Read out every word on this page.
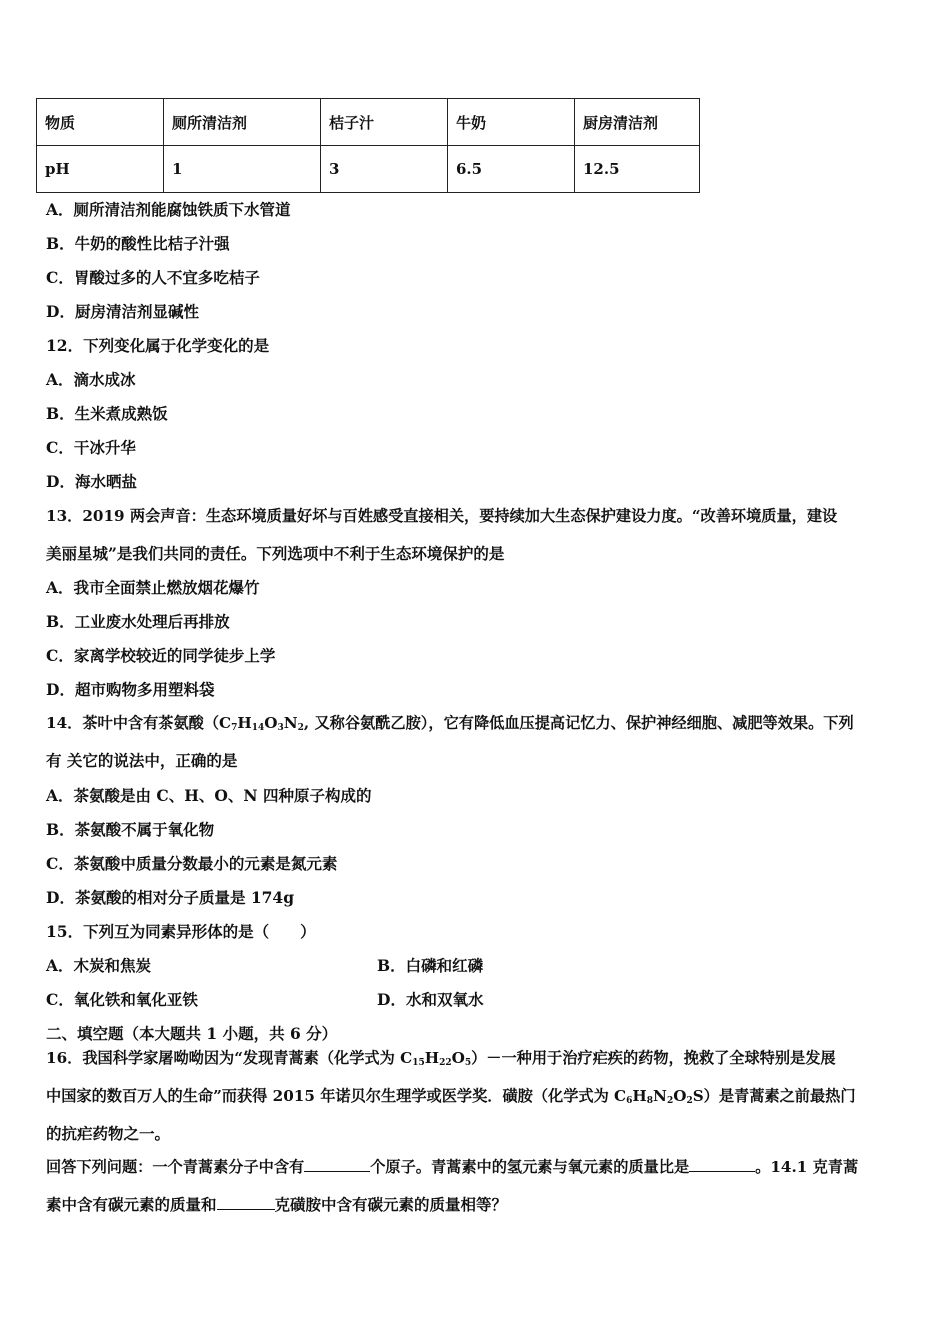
物质	厕所清洁剂	桔子汁	牛奶	厨房清洁剂
pH	1	3	6.5	12.5
A．厕所清洁剂能腐蚀铁质下水管道
B．牛奶的酸性比桔子汁强
C．胃酸过多的人不宜多吃桔子
D．厨房清洁剂显碱性
12．下列变化属于化学变化的是
A．滴水成冰
B．生米煮成熟饭
C．干冰升华
D．海水晒盐
13．2019 两会声音：生态环境质量好坏与百姓感受直接相关，要持续加大生态保护建设力度。“改善环境质量，建设
美丽星城”是我们共同的责任。下列选项中不利于生态环境保护的是
A．我市全面禁止燃放烟花爆竹
B．工业废水处理后再排放
C．家离学校较近的同学徒步上学
D．超市购物多用塑料袋
14．茶叶中含有茶氨酸（$C_7H_{14}O_3N_2$, 又称谷氨酰乙胺），它有降低血压提高记忆力、保护神经细胞、减肥等效果。下列
有 关它的说法中，正确的是
A．茶氨酸是由 C、H、O、N 四种原子构成的
B．茶氨酸不属于氧化物
C．茶氨酸中质量分数最小的元素是氮元素
D．茶氨酸的相对分子质量是 174g
15．下列互为同素异形体的是（　　）
A．木炭和焦炭	B．白磷和红磷
C．氧化铁和氧化亚铁	D．水和双氧水
二、填空题（本大题共 1 小题，共 6 分）
16．我国科学家屠呦呦因为“发现青蒿素（化学式为 $C_{15}H_{22}O_5)-$一种用于治疗疟疾的药物，挽救了全球特别是发展
中国家的数百万人的生命”而获得 2015 年诺贝尔生理学或医学奖．磺胺（化学式为 $C_6H_8N_2O_2S$）是青蒿素之前最热门
的抗疟药物之一。
回答下列问题：一个青蒿素分子中含有	个原子。青蒿素中的氢元素与氧元素的质量比是	。14.1 克青蒿
素中含有碳元素的质量和	克磺胺中含有碳元素的质量相等？
